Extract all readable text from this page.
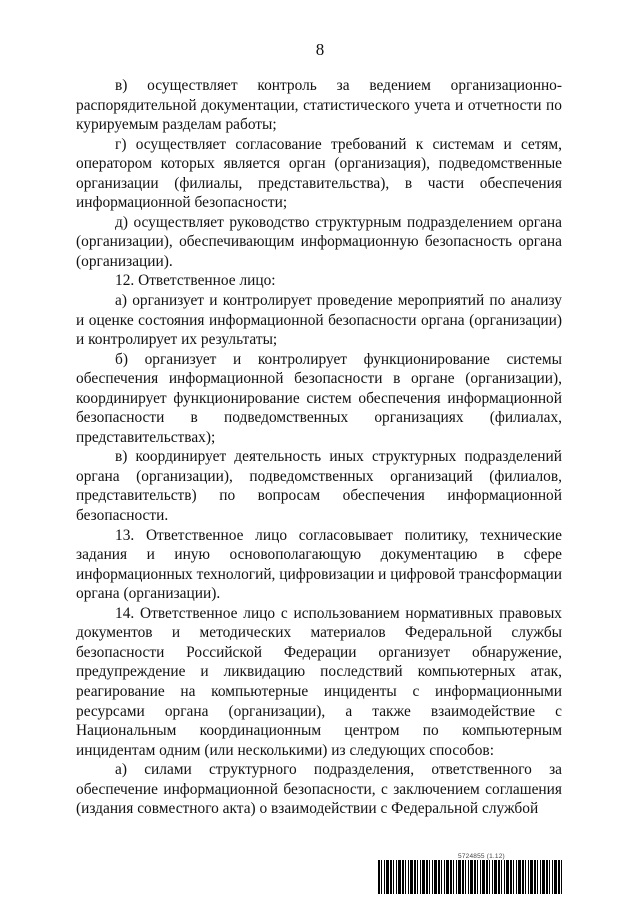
8

в) осуществляет контроль за ведением организационно-распорядительной документации, статистического учета и отчетности по курируемым разделам работы;

г) осуществляет согласование требований к системам и сетям, оператором которых является орган (организация), подведомственные организации (филиалы, представительства), в части обеспечения информационной безопасности;

д) осуществляет руководство структурным подразделением органа (организации), обеспечивающим информационную безопасность органа (организации).

12. Ответственное лицо:

а) организует и контролирует проведение мероприятий по анализу и оценке состояния информационной безопасности органа (организации) и контролирует их результаты;

б) организует и контролирует функционирование системы обеспечения информационной безопасности в органе (организации), координирует функционирование систем обеспечения информационной безопасности в подведомственных организациях (филиалах, представительствах);

в) координирует деятельность иных структурных подразделений органа (организации), подведомственных организаций (филиалов, представительств) по вопросам обеспечения информационной безопасности.

13. Ответственное лицо согласовывает политику, технические задания и иную основополагающую документацию в сфере информационных технологий, цифровизации и цифровой трансформации органа (организации).

14. Ответственное лицо с использованием нормативных правовых документов и методических материалов Федеральной службы безопасности Российской Федерации организует обнаружение, предупреждение и ликвидацию последствий компьютерных атак, реагирование на компьютерные инциденты с информационными ресурсами органа (организации), а также взаимодействие с Национальным координационным центром по компьютерным инцидентам одним (или несколькими) из следующих способов:

а) силами структурного подразделения, ответственного за обеспечение информационной безопасности, с заключением соглашения (издания совместного акта) о взаимодействии с Федеральной службой

5724855 (1.12)
